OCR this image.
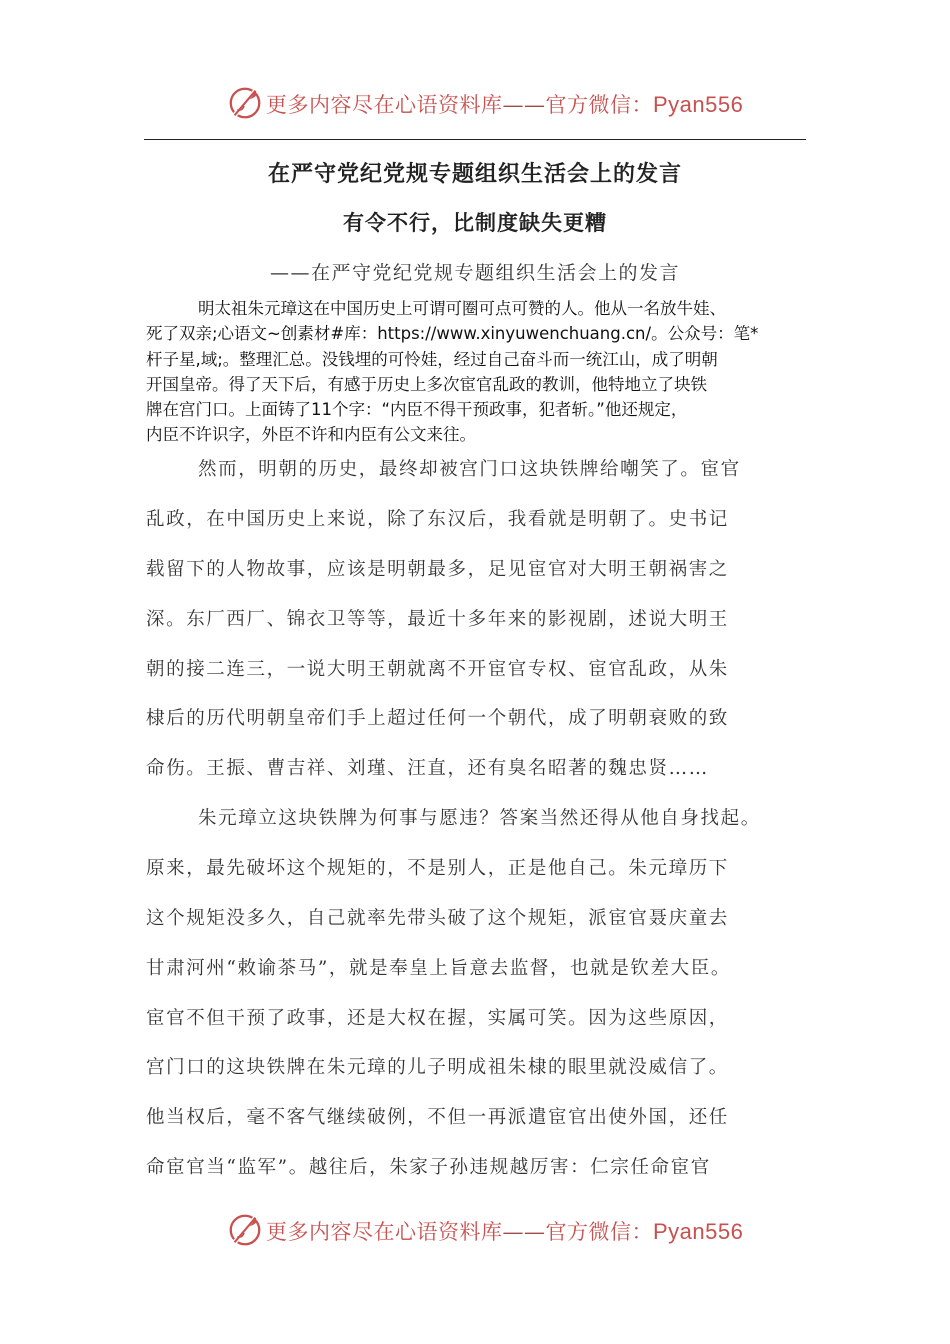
更多内容尽在心语资料库——官方微信：Pyan556
在严守党纪党规专题组织生活会上的发言
有令不行，比制度缺失更糟
——在严守党纪党规专题组织生活会上的发言
明太祖朱元璋这在中国历史上可谓可圈可点可赞的人。他从一名放牛娃、
死了双亲;心语文~创素材#库：https://www.xinyuwenchuang.cn/。公众号：笔*
杆子星,域;。整理汇总。没钱埋的可怜娃，经过自己奋斗而一统江山，成了明朝
开国皇帝。得了天下后，有感于历史上多次宦官乱政的教训，他特地立了块铁
牌在宫门口。上面铸了11个字：“内臣不得干预政事，犯者斩。”他还规定，
内臣不许识字，外臣不许和内臣有公文来往。
然而，明朝的历史，最终却被宫门口这块铁牌给嘲笑了。宦官
乱政，在中国历史上来说，除了东汉后，我看就是明朝了。史书记
载留下的人物故事，应该是明朝最多，足见宦官对大明王朝祸害之
深。东厂西厂、锦衣卫等等，最近十多年来的影视剧，述说大明王
朝的接二连三，一说大明王朝就离不开宦官专权、宦官乱政，从朱
棣后的历代明朝皇帝们手上超过任何一个朝代，成了明朝衰败的致
命伤。王振、曹吉祥、刘瑾、汪直，还有臭名昭著的魏忠贤……
朱元璋立这块铁牌为何事与愿违？答案当然还得从他自身找起。
原来，最先破坏这个规矩的，不是别人，正是他自己。朱元璋历下
这个规矩没多久，自己就率先带头破了这个规矩，派宦官聂庆童去
甘肃河州“敕谕茶马”，就是奉皇上旨意去监督，也就是钦差大臣。
宦官不但干预了政事，还是大权在握，实属可笑。因为这些原因，
宫门口的这块铁牌在朱元璋的儿子明成祖朱棣的眼里就没威信了。
他当权后，毫不客气继续破例，不但一再派遣宦官出使外国，还任
命宦官当“监军”。越往后，朱家子孙违规越厉害：仁宗任命宦官
更多内容尽在心语资料库——官方微信：Pyan556
